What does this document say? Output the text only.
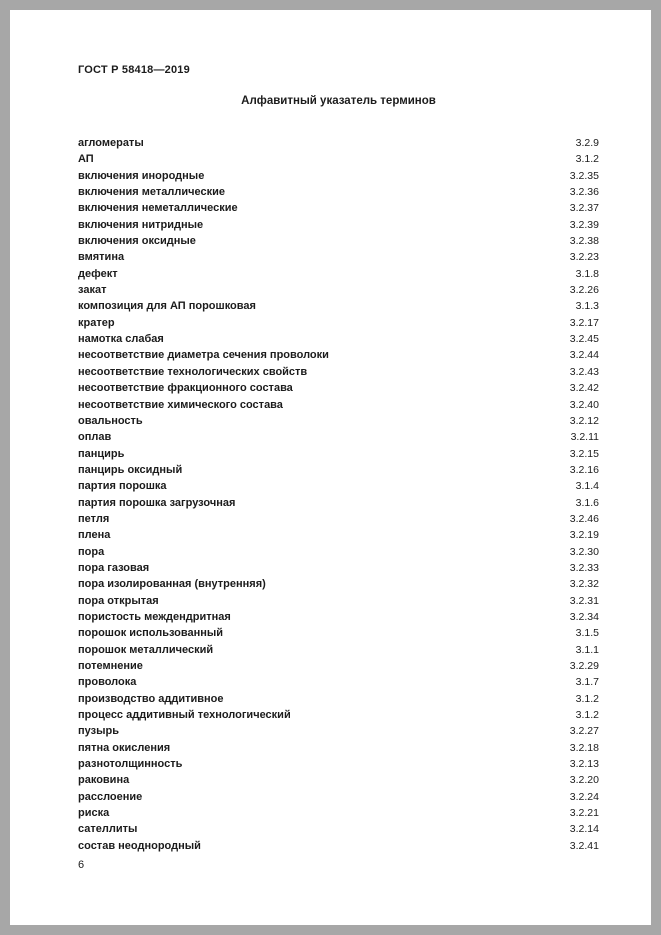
ГОСТ Р 58418—2019
Алфавитный указатель терминов
агломераты	3.2.9
АП	3.1.2
включения инородные	3.2.35
включения металлические	3.2.36
включения неметаллические	3.2.37
включения нитридные	3.2.39
включения оксидные	3.2.38
вмятина	3.2.23
дефект	3.1.8
закат	3.2.26
композиция для АП порошковая	3.1.3
кратер	3.2.17
намотка слабая	3.2.45
несоответствие диаметра сечения проволоки	3.2.44
несоответствие технологических свойств	3.2.43
несоответствие фракционного состава	3.2.42
несоответствие химического состава	3.2.40
овальность	3.2.12
оплав	3.2.11
панцирь	3.2.15
панцирь оксидный	3.2.16
партия порошка	3.1.4
партия порошка загрузочная	3.1.6
петля	3.2.46
плена	3.2.19
пора	3.2.30
пора газовая	3.2.33
пора изолированная (внутренняя)	3.2.32
пора открытая	3.2.31
пористость междендритная	3.2.34
порошок использованный	3.1.5
порошок металлический	3.1.1
потемнение	3.2.29
проволока	3.1.7
производство аддитивное	3.1.2
процесс аддитивный технологический	3.1.2
пузырь	3.2.27
пятна окисления	3.2.18
разнотолщинность	3.2.13
раковина	3.2.20
расслоение	3.2.24
риска	3.2.21
сателлиты	3.2.14
состав неоднородный	3.2.41
6
